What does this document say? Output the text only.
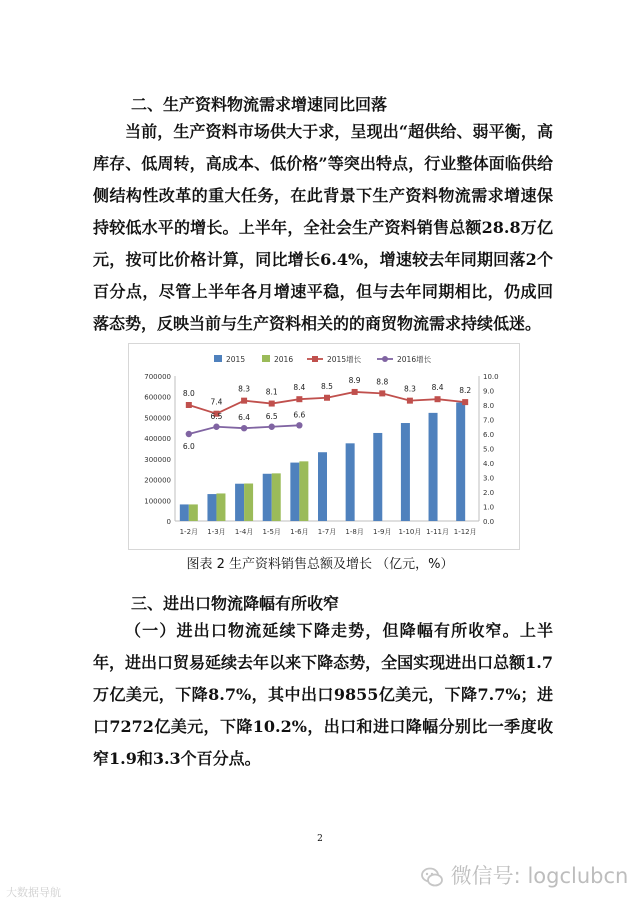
二、生产资料物流需求增速同比回落
当前，生产资料市场供大于求，呈现出“超供给、弱平衡，高库存、低周转，高成本、低价格”等突出特点，行业整体面临供给侧结构性改革的重大任务，在此背景下生产资料物流需求增速保持较低水平的增长。上半年，全社会生产资料销售总额28.8万亿元，按可比价格计算，同比增长6.4%，增速较去年同期回落2个百分点，尽管上半年各月增速平稳，但与去年同期相比，仍成回落态势，反映当前与生产资料相关的的商贸物流需求持续低迷。
0
100000
200000
300000
400000
500000
600000
700000
0.0
1.0
2.0
3.0
4.0
5.0
6.0
7.0
8.0
9.0
10.0
1-2月 1-3月 1-4月 1-5月 1-6月 1-7月 1-8月 1-9月 1-10月 1-11月 1-12月
8.0
7.4
8.3 8.1 8.4 8.5
8.9 8.8
8.3 8.4 8.2
6.0
6.5 6.4 6.5 6.6
2015	2016	2015增长	2016增长
图表 2 生产资料销售总额及增长 （亿元，%）
三、进出口物流降幅有所收窄
（一）进出口物流延续下降走势，但降幅有所收窄。上半年，进出口贸易延续去年以来下降态势，全国实现进出口总额1.7万亿美元，下降8.7%，其中出口9855亿美元，下降7.7%；进口7272亿美元，下降10.2%，出口和进口降幅分别比一季度收窄1.9和3.3个百分点。
2
微信号: logclubcn
大数据导航
